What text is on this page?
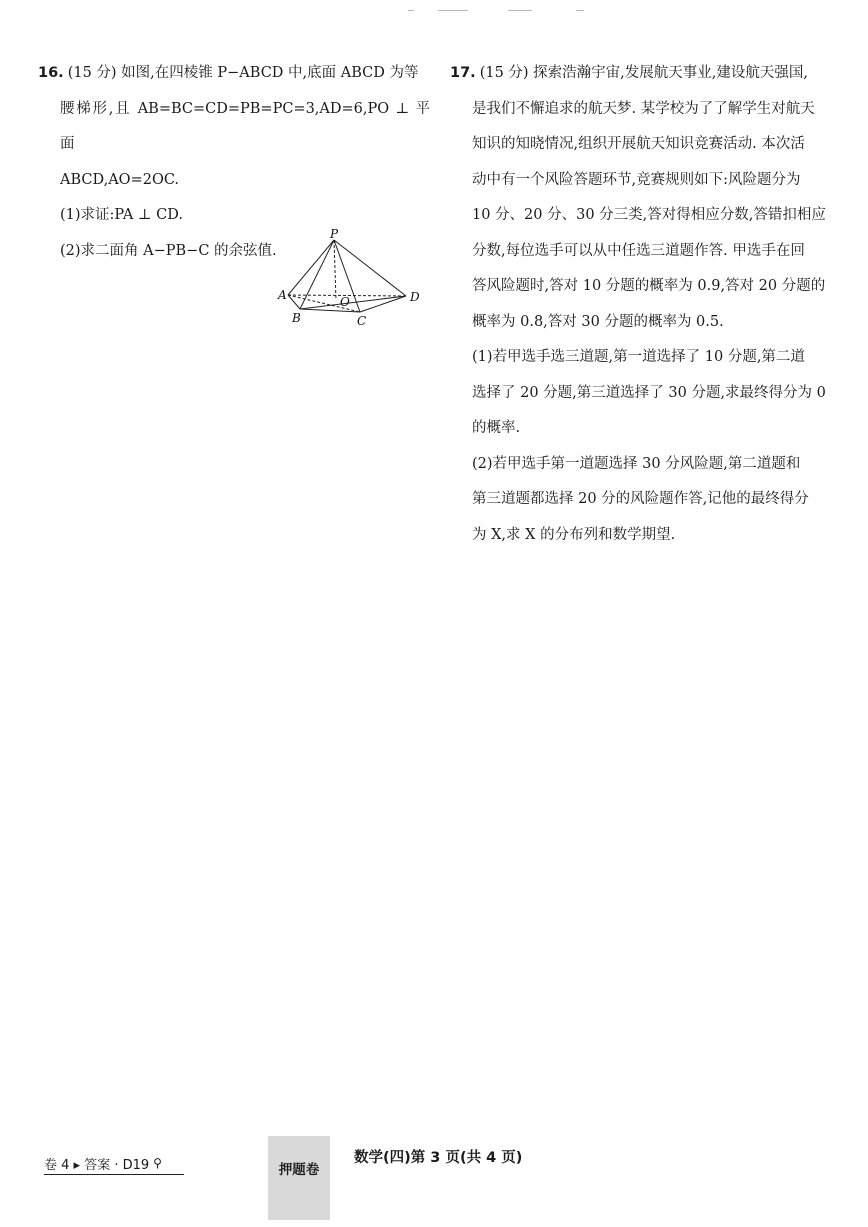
16. (15 分) 如图,在四棱锥 P−ABCD 中,底面 ABCD 为等
腰梯形,且 AB=BC=CD=PB=PC=3,AD=6,PO ⊥ 平面
ABCD,AO=2OC.
(1)求证:PA ⊥ CD.
(2)求二面角 A−PB−C 的余弦值.
P
A
B	C
D
O
17. (15 分) 探索浩瀚宇宙,发展航天事业,建设航天强国,
是我们不懈追求的航天梦. 某学校为了了解学生对航天
知识的知晓情况,组织开展航天知识竞赛活动. 本次活
动中有一个风险答题环节,竞赛规则如下:风险题分为
10 分、20 分、30 分三类,答对得相应分数,答错扣相应
分数,每位选手可以从中任选三道题作答. 甲选手在回
答风险题时,答对 10 分题的概率为 0.9,答对 20 分题的
概率为 0.8,答对 30 分题的概率为 0.5.
(1)若甲选手选三道题,第一道选择了 10 分题,第二道
选择了 20 分题,第三道选择了 30 分题,求最终得分为 0
的概率.
(2)若甲选手第一道题选择 30 分风险题,第二道题和
第三道题都选择 20 分的风险题作答,记他的最终得分
为 X,求 X 的分布列和数学期望.
卷 4 ▸ 答案 · D19 ⚲	押题卷
数学(四)第 3 页(共 4 页)
